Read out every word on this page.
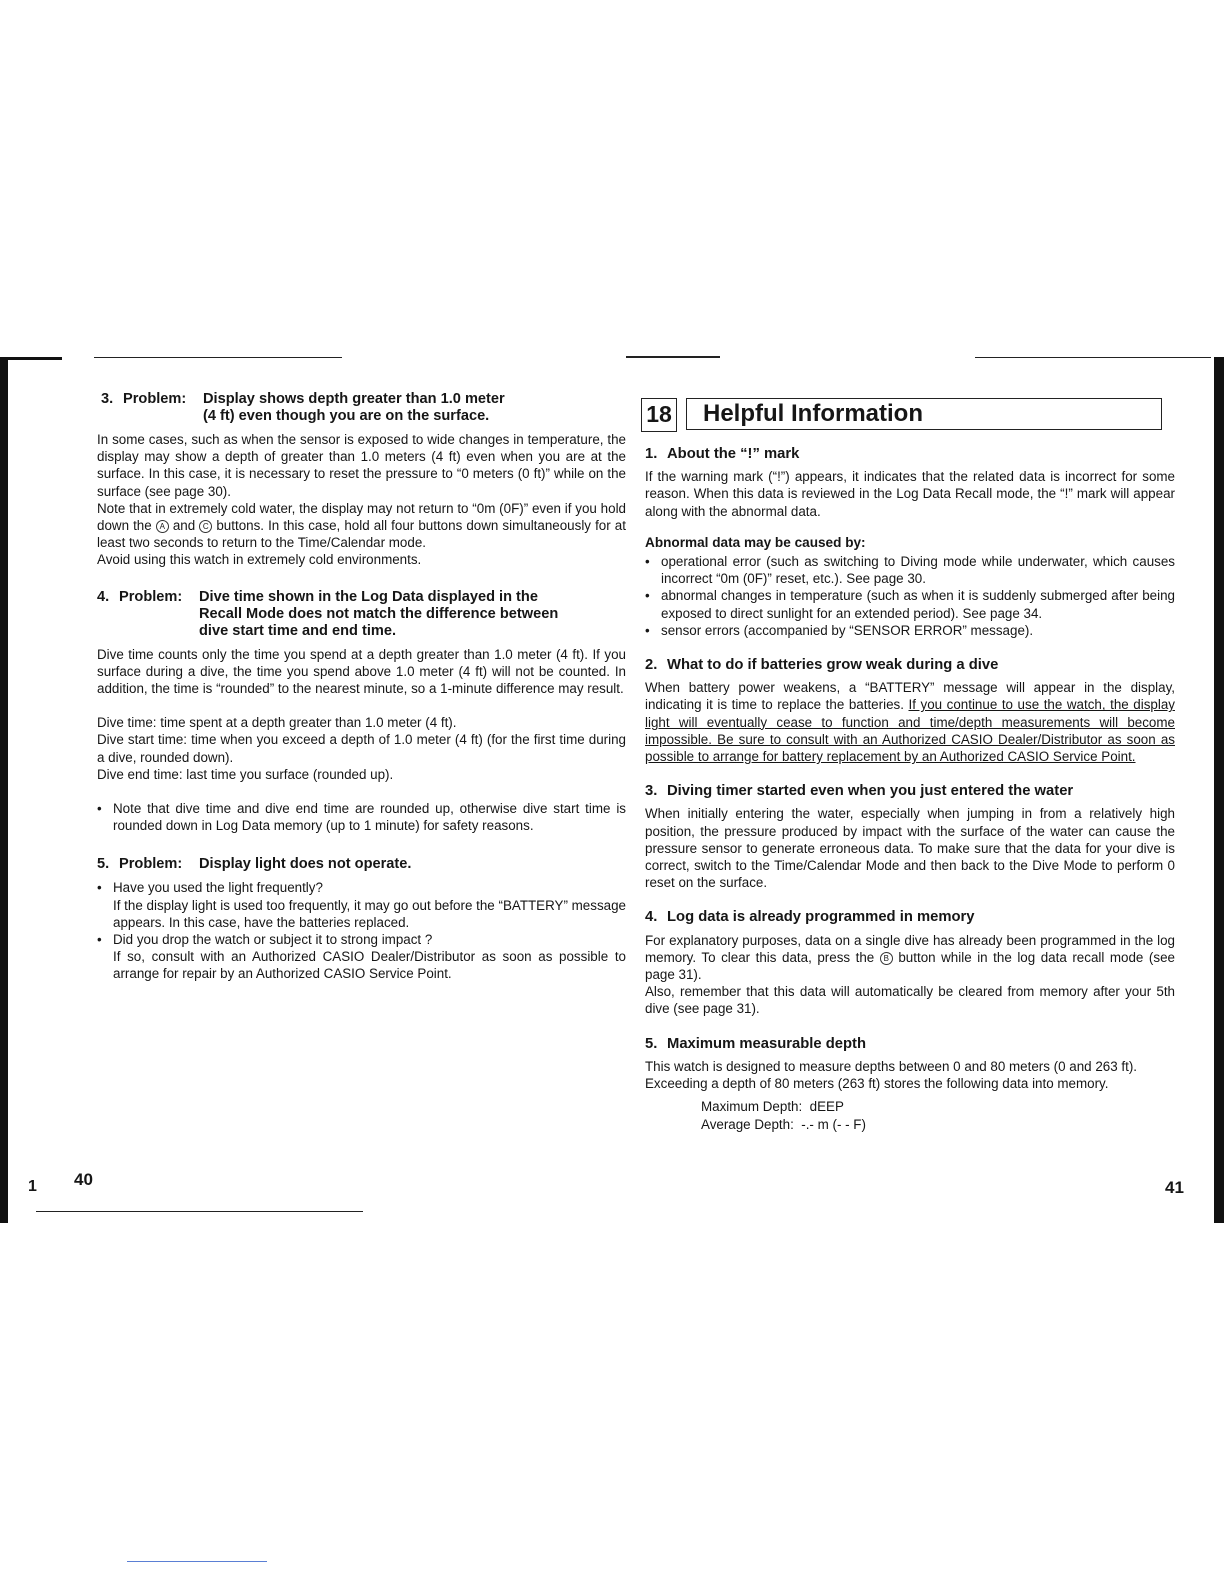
3. Problem:	Display shows depth greater than 1.0 meter
(4 ft) even though you are on the surface.

In some cases, such as when the sensor is exposed to wide changes in temperature, the display may show a depth of greater than 1.0 meters (4 ft) even when you are at the surface. In this case, it is necessary to reset the pressure to “0 meters (0 ft)” while on the surface (see page 30).

Note that in extremely cold water, the display may not return to “0m (0F)” even if you hold down the A and C buttons. In this case, hold all four buttons down simultaneously for at least two seconds to return to the Time/Calendar mode.

Avoid using this watch in extremely cold environments.

4. Problem:	Dive time shown in the Log Data displayed in the
Recall Mode does not match the difference between
dive start time and end time.

Dive time counts only the time you spend at a depth greater than 1.0 meter (4 ft). If you surface during a dive, the time you spend above 1.0 meter (4 ft) will not be counted. In addition, the time is “rounded” to the nearest minute, so a 1-minute difference may result.

Dive time: time spent at a depth greater than 1.0 meter (4 ft).

Dive start time: time when you exceed a depth of 1.0 meter (4 ft) (for the first time during a dive, rounded down).

Dive end time: last time you surface (rounded up).

• Note that dive time and dive end time are rounded up, otherwise dive start time is rounded down in Log Data memory (up to 1 minute) for safety reasons.
5. Problem:	Display light does not operate.
• Have you used the light frequently?
If the display light is used too frequently, it may go out before the “BATTERY” message appears. In this case, have the batteries replaced.
• Did you drop the watch or subject it to strong impact ?
If so, consult with an Authorized CASIO Dealer/Distributor as soon as possible to arrange for repair by an Authorized CASIO Service Point.
1 40
18	Helpful Information
1. About the “!” mark

If the warning mark (“!”) appears, it indicates that the related data is incorrect for some reason. When this data is reviewed in the Log Data Recall mode, the “!” mark will appear along with the abnormal data.

Abnormal data may be caused by:
• operational error (such as switching to Diving mode while underwater, which causes incorrect “0m (0F)” reset, etc.). See page 30.
• abnormal changes in temperature (such as when it is suddenly submerged after being exposed to direct sunlight for an extended period). See page 34.
• sensor errors (accompanied by “SENSOR ERROR” message).
2. What to do if batteries grow weak during a dive

When battery power weakens, a “BATTERY” message will appear in the display, indicating it is time to replace the batteries. If you continue to use the watch, the display light will eventually cease to function and time/depth measurements will become impossible. Be sure to consult with an Authorized CASIO Dealer/Distributor as soon as possible to arrange for battery replacement by an Authorized CASIO Service Point.

3. Diving timer started even when you just entered the water

When initially entering the water, especially when jumping in from a relatively high position, the pressure produced by impact with the surface of the water can cause the pressure sensor to generate erroneous data. To make sure that the data for your dive is correct, switch to the Time/Calendar Mode and then back to the Dive Mode to perform 0 reset on the surface.

4. Log data is already programmed in memory

For explanatory purposes, data on a single dive has already been programmed in the log memory. To clear this data, press the B button while in the log data recall mode (see page 31).

Also, remember that this data will automatically be cleared from memory after your 5th dive (see page 31).

5. Maximum measurable depth

This watch is designed to measure depths between 0 and 80 meters (0 and 263 ft).

Exceeding a depth of 80 meters (263 ft) stores the following data into memory.

Maximum Depth:  dEEP
Average Depth:  -.- m (- - F)
41
